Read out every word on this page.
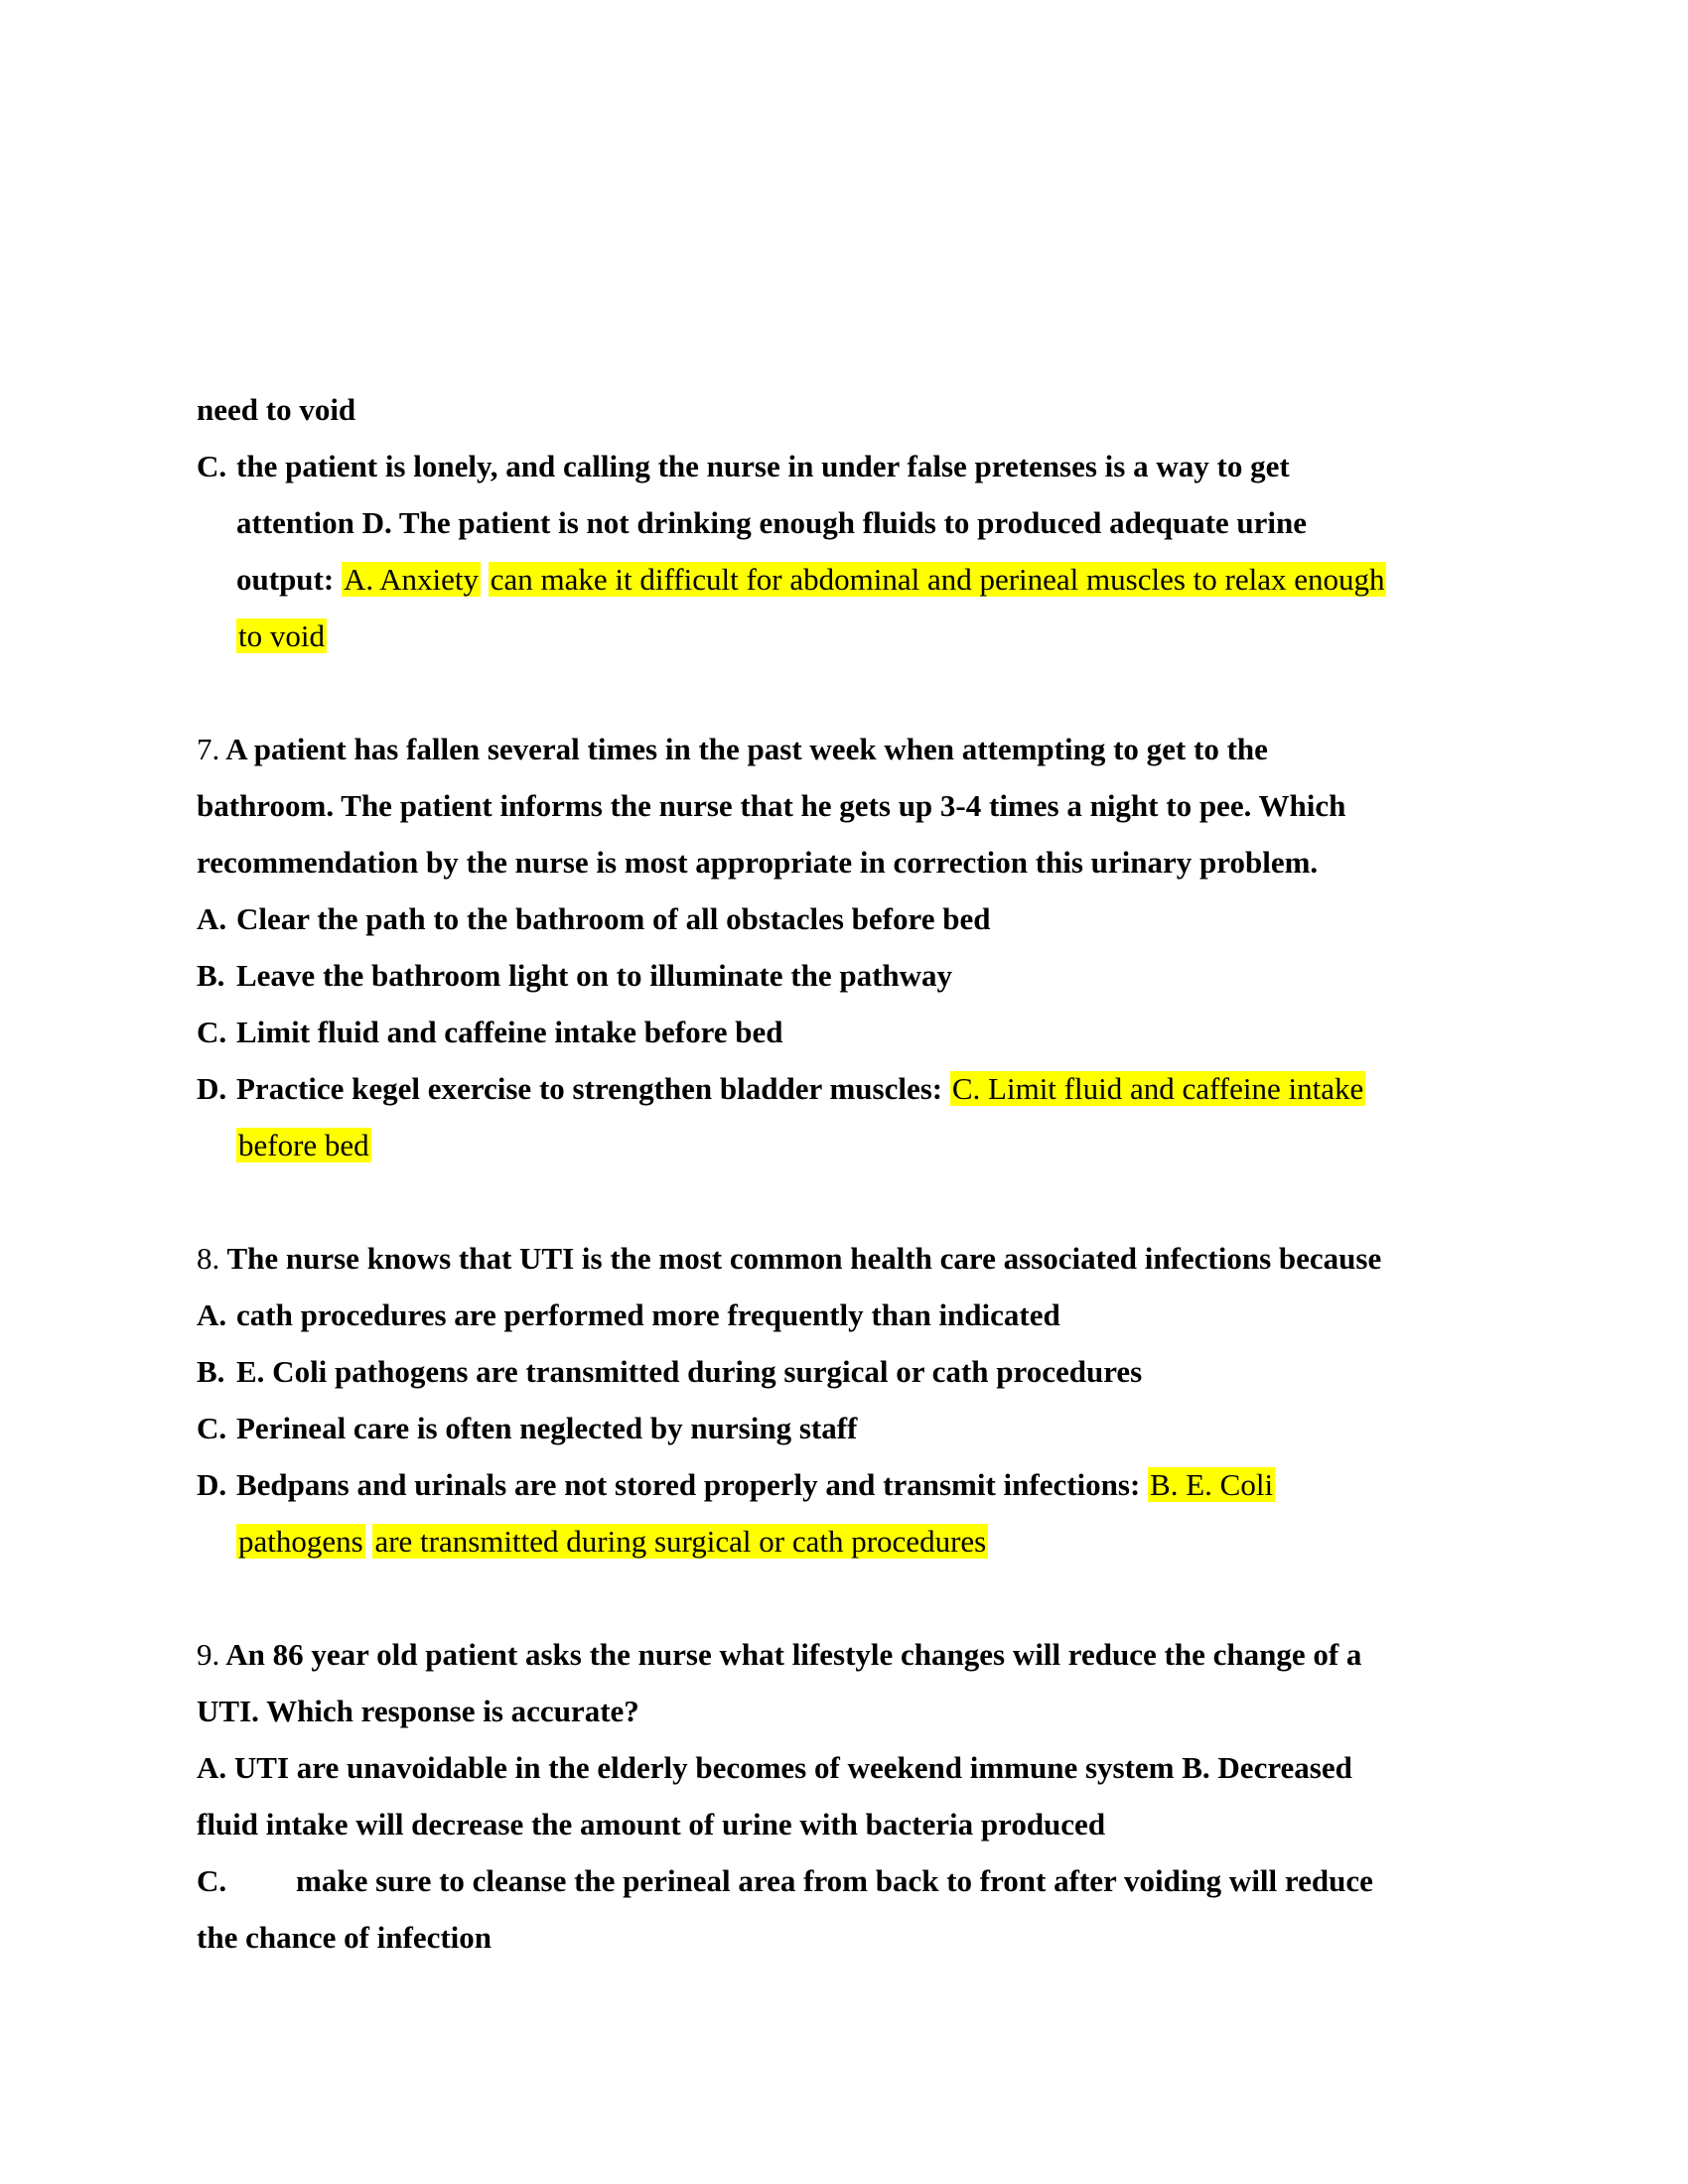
need to void
C. the patient is lonely, and calling the nurse in under false pretenses is a way to get
attention D. The patient is not drinking enough fluids to produced adequate urine
output: A. Anxiety can make it difficult for abdominal and perineal muscles to relax enough
to void
7. A patient has fallen several times in the past week when attempting to get to the
bathroom. The patient informs the nurse that he gets up 3-4 times a night to pee. Which
recommendation by the nurse is most appropriate in correction this urinary problem.
A. Clear the path to the bathroom of all obstacles before bed
B. Leave the bathroom light on to illuminate the pathway
C. Limit fluid and caffeine intake before bed
D. Practice kegel exercise to strengthen bladder muscles: C. Limit fluid and caffeine intake
before bed
8. The nurse knows that UTI is the most common health care associated infections because
A. cath procedures are performed more frequently than indicated
B. E. Coli pathogens are transmitted during surgical or cath procedures
C. Perineal care is often neglected by nursing staff
D. Bedpans and urinals are not stored properly and transmit infections: B. E. Coli
pathogens are transmitted during surgical or cath procedures
9. An 86 year old patient asks the nurse what lifestyle changes will reduce the change of a
UTI. Which response is accurate?
A. UTI are unavoidable in the elderly becomes of weekend immune system B. Decreased
fluid intake will decrease the amount of urine with bacteria produced
C. make sure to cleanse the perineal area from back to front after voiding will reduce
the chance of infection
